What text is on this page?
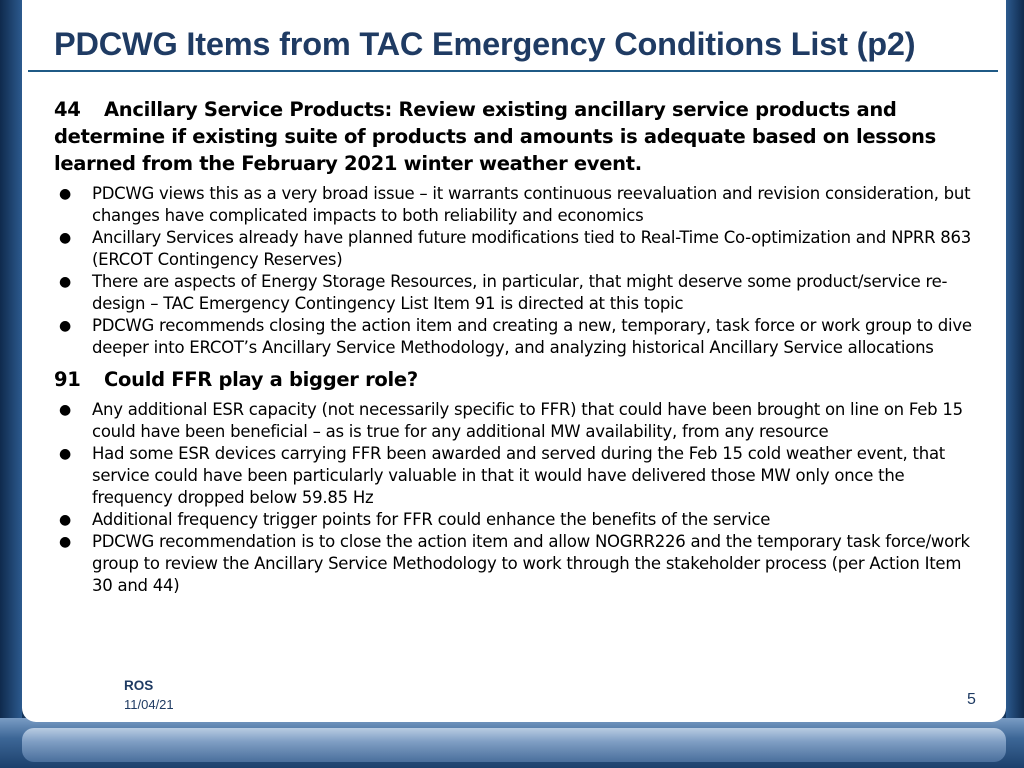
PDCWG Items from TAC Emergency Conditions List (p2)
44 Ancillary Service Products: Review existing ancillary service products and determine if existing suite of products and amounts is adequate based on lessons learned from the February 2021 winter weather event.
● PDCWG views this as a very broad issue – it warrants continuous reevaluation and revision consideration, but changes have complicated impacts to both reliability and economics
● Ancillary Services already have planned future modifications tied to Real-Time Co-optimization and NPRR 863 (ERCOT Contingency Reserves)
● There are aspects of Energy Storage Resources, in particular, that might deserve some product/service re-design – TAC Emergency Contingency List Item 91 is directed at this topic
● PDCWG recommends closing the action item and creating a new, temporary, task force or work group to dive deeper into ERCOT’s Ancillary Service Methodology, and analyzing historical Ancillary Service allocations
91 Could FFR play a bigger role?
● Any additional ESR capacity (not necessarily specific to FFR) that could have been brought on line on Feb 15 could have been beneficial – as is true for any additional MW availability, from any resource
● Had some ESR devices carrying FFR been awarded and served during the Feb 15 cold weather event, that service could have been particularly valuable in that it would have delivered those MW only once the frequency dropped below 59.85 Hz
● Additional frequency trigger points for FFR could enhance the benefits of the service
● PDCWG recommendation is to close the action item and allow NOGRR226 and the temporary task force/work group to review the Ancillary Service Methodology to work through the stakeholder process (per Action Item 30 and 44)
ROS
11/04/21	5
